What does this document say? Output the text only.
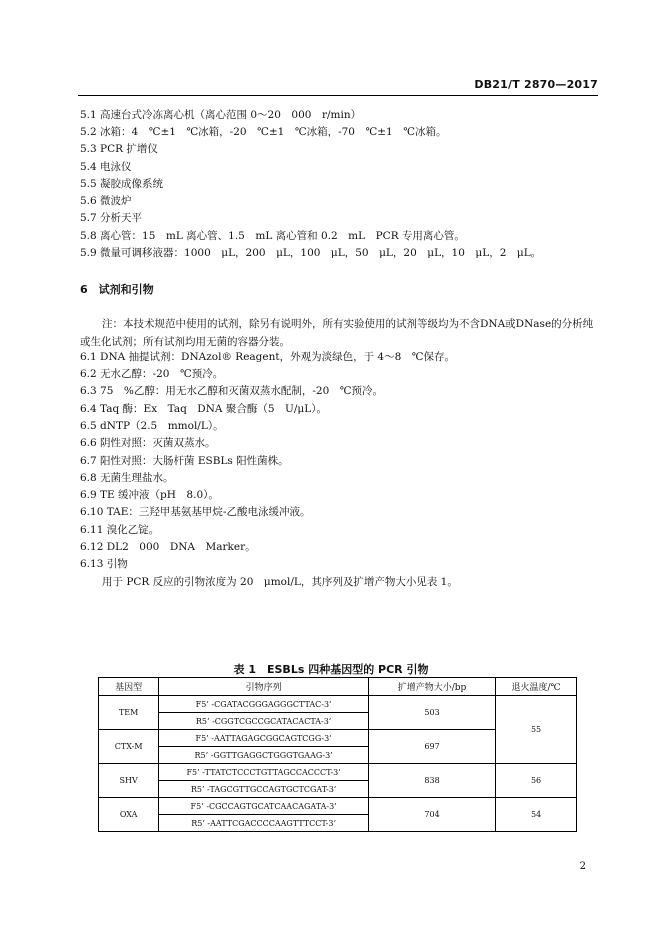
DB21/T 2870—2017
5.1 高速台式冷冻离心机（离心范围 0～20　000　r/min）
5.2 冰箱：4　℃±1　℃冰箱，-20　℃±1　℃冰箱，-70　℃±1　℃冰箱。
5.3 PCR 扩增仪
5.4 电泳仪
5.5 凝胶成像系统
5.6 微波炉
5.7 分析天平
5.8 离心管：15　mL 离心管、1.5　mL 离心管和 0.2　mL　PCR 专用离心管。
5.9 微量可调移液器：1000　μL，200　μL，100　μL，50　μL，20　μL，10　μL，2　μL。
6　试剂和引物
注：本技术规范中使用的试剂，除另有说明外，所有实验使用的试剂等级均为不含DNA或DNase的分析纯或生化试剂；所有试剂均用无菌的容器分装。
6.1 DNA 抽提试剂：DNAzol® Reagent，外观为淡绿色，于 4～8　℃保存。
6.2 无水乙醇：-20　℃预冷。
6.3 75　%乙醇：用无水乙醇和灭菌双蒸水配制，-20　℃预冷。
6.4 Taq 酶：Ex　Taq　DNA 聚合酶（5　U/μL）。
6.5 dNTP（2.5　mmol/L）。
6.6 阴性对照：灭菌双蒸水。
6.7 阳性对照：大肠杆菌 ESBLs 阳性菌株。
6.8 无菌生理盐水。
6.9 TE 缓冲液（pH　8.0）。
6.10 TAE：三羟甲基氨基甲烷-乙酸电泳缓冲液。
6.11 溴化乙锭。
6.12 DL2　000　DNA　Marker。
6.13 引物
用于 PCR 反应的引物浓度为 20　μmol/L，其序列及扩增产物大小见表 1。
表 1　ESBLs 四种基因型的 PCR 引物
基因型	引物序列	扩增产物大小/bp	退火温度/℃
TEM	F5’ -CGATACGGGAGGGCTTAC-3’	503	55
	R5’ -CGGTCGCCGCATACACTA-3’		
CTX-M	F5’ -AATTAGAGCGGCAGTCGG-3’	697	
	R5’ -GGTTGAGGCTGGGTGAAG-3’		
SHV	F5’ -TTATCTCCCTGTTAGCCACCCT-3’	838	56
	R5’ -TAGCGTTGCCAGTGCTCGAT-3’		
OXA	F5’ -CGCCAGTGCATCAACAGATA-3’	704	54
	R5’ -AATTCGACCCCAAGTTTCCT-3’		
2
